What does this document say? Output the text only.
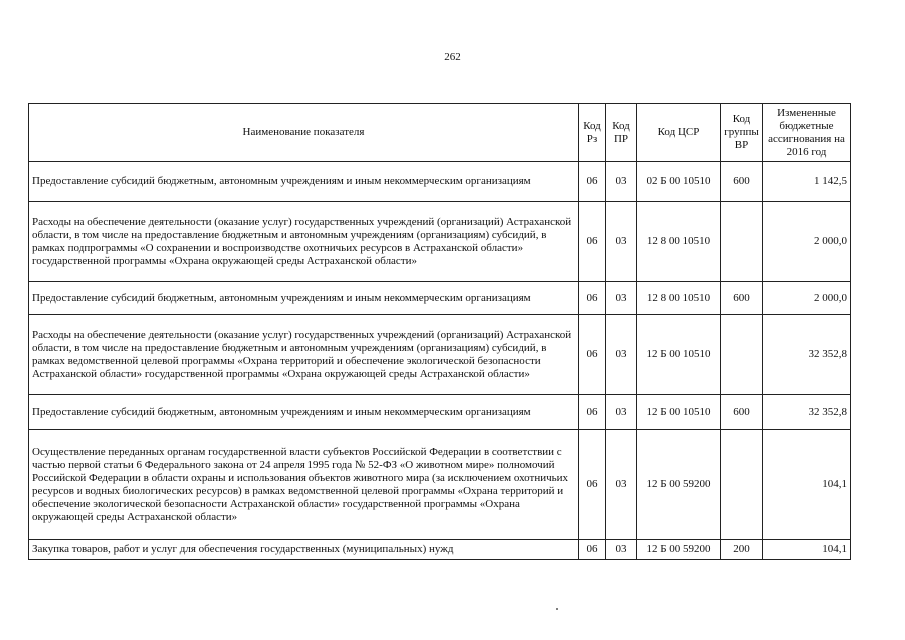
262
Наименование показателя	Код Рз	Код ПР	Код ЦСР	Код группы ВР	Измененные бюджетные ассигнования на 2016 год
Предоставление субсидий бюджетным, автономным учреждениям и иным некоммерческим организациям	06	03	02 Б 00 10510	600	1 142,5
Расходы на обеспечение деятельности (оказание услуг) государственных учреждений (организаций) Астраханской области, в том числе на предоставление бюджетным и автономным учреждениям (организациям) субсидий, в рамках подпрограммы «О сохранении и воспроизводстве охотничьих ресурсов в Астраханской области» государственной программы «Охрана окружающей среды Астраханской области»	06	03	12 8 00 10510		2 000,0
Предоставление субсидий бюджетным, автономным учреждениям и иным некоммерческим организациям	06	03	12 8 00 10510	600	2 000,0
Расходы на обеспечение деятельности (оказание услуг) государственных учреждений (организаций) Астраханской области, в том числе на предоставление бюджетным и автономным учреждениям (организациям) субсидий, в рамках ведомственной целевой программы «Охрана территорий и обеспечение экологической безопасности Астраханской области» государственной программы «Охрана окружающей среды Астраханской области»	06	03	12 Б 00 10510		32 352,8
Предоставление субсидий бюджетным, автономным учреждениям и иным некоммерческим организациям	06	03	12 Б 00 10510	600	32 352,8
Осуществление переданных органам государственной власти субъектов Российской Федерации в соответствии с частью первой статьи 6 Федерального закона от 24 апреля 1995 года № 52-ФЗ «О животном мире» полномочий Российской Федерации в области охраны и использования объектов животного мира (за исключением охотничьих ресурсов и водных биологических ресурсов) в рамках ведомственной целевой программы «Охрана территорий и обеспечение экологической безопасности Астраханской области» государственной программы «Охрана окружающей среды Астраханской области»	06	03	12 Б 00 59200		104,1
Закупка товаров, работ и услуг для обеспечения государственных (муниципальных) нужд	06	03	12 Б 00 59200	200	104,1
